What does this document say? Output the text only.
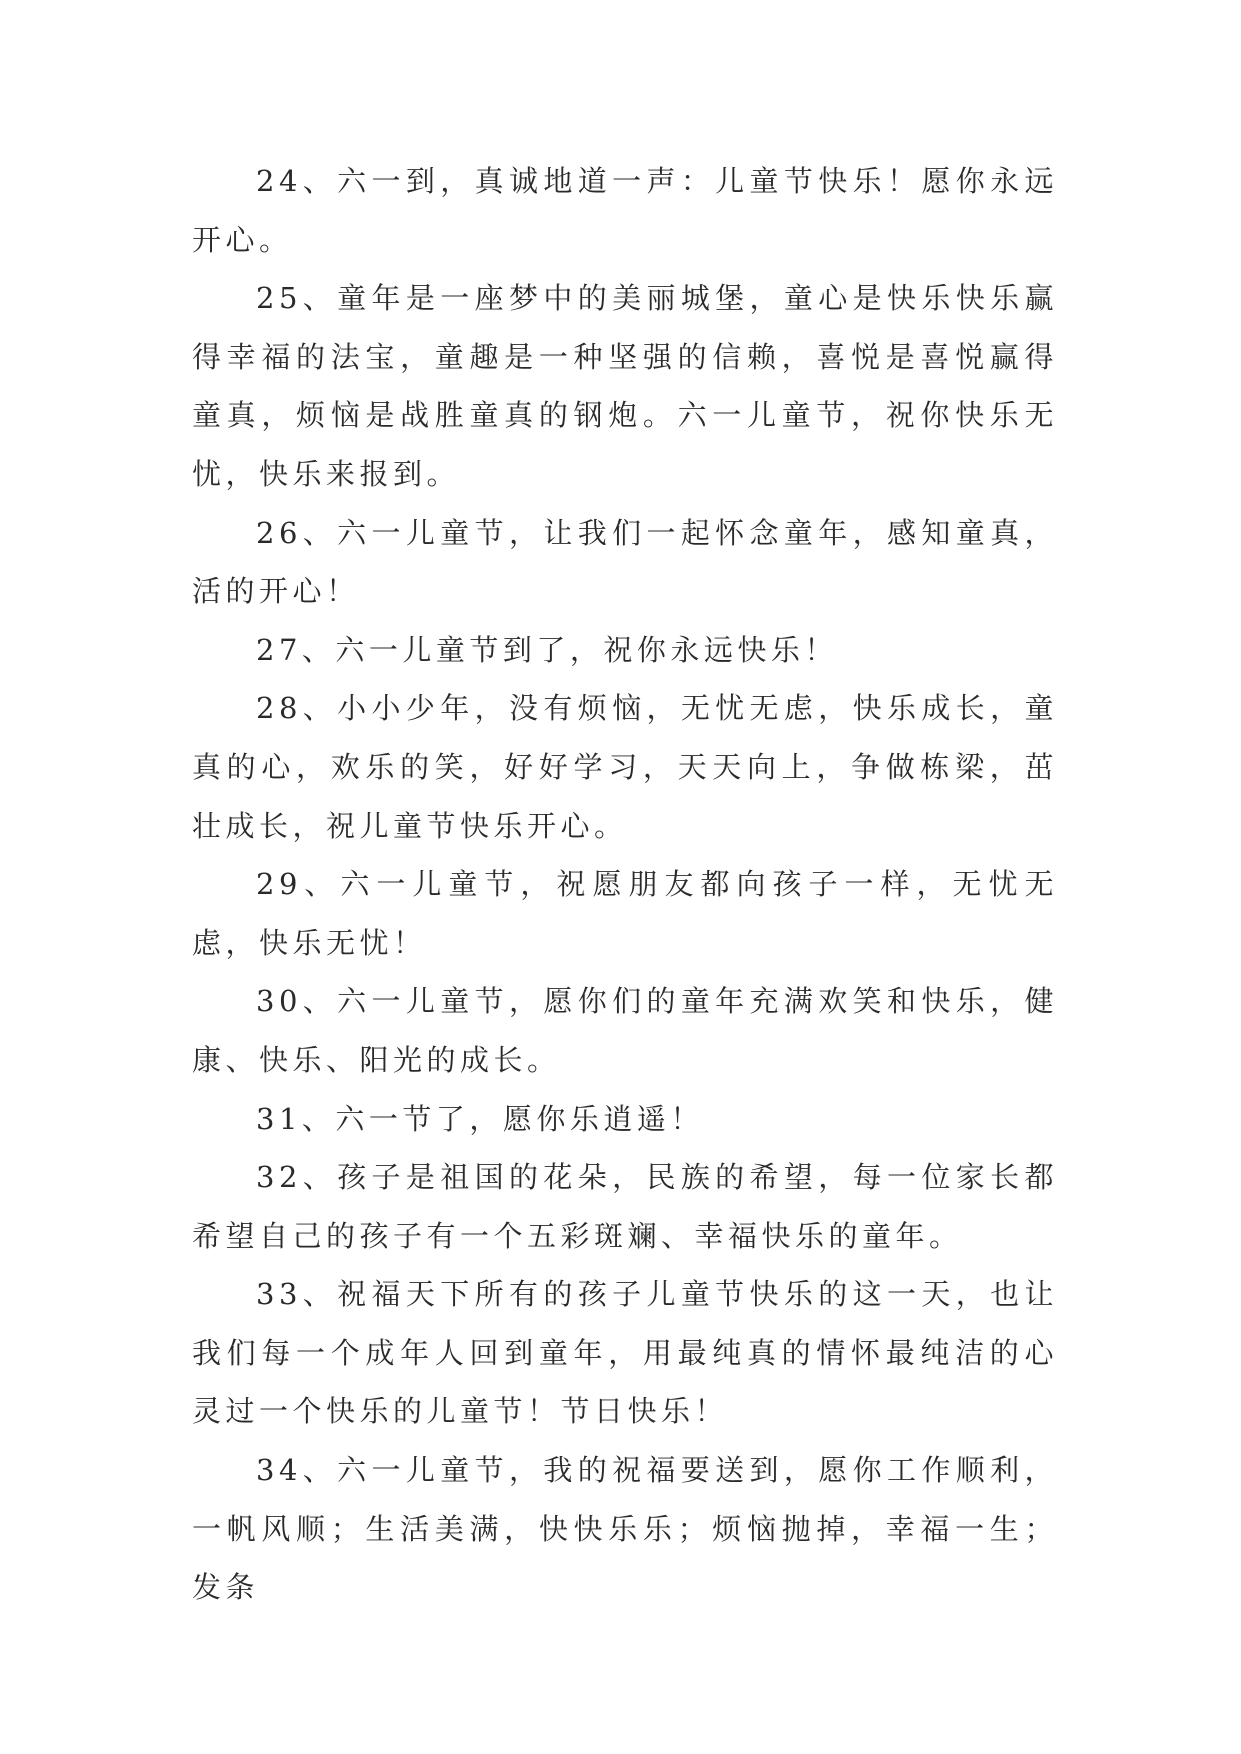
24、六一到，真诚地道一声：儿童节快乐！愿你永远开心。

25、童年是一座梦中的美丽城堡，童心是快乐快乐赢得幸福的法宝，童趣是一种坚强的信赖，喜悦是喜悦赢得童真，烦恼是战胜童真的钢炮。六一儿童节，祝你快乐无忧，快乐来报到。

26、六一儿童节，让我们一起怀念童年，感知童真，活的开心！

27、六一儿童节到了，祝你永远快乐！

28、小小少年，没有烦恼，无忧无虑，快乐成长，童真的心，欢乐的笑，好好学习，天天向上，争做栋梁，茁壮成长，祝儿童节快乐开心。

29、六一儿童节，祝愿朋友都向孩子一样，无忧无虑，快乐无忧！

30、六一儿童节，愿你们的童年充满欢笑和快乐，健康、快乐、阳光的成长。

31、六一节了，愿你乐逍遥！

32、孩子是祖国的花朵，民族的希望，每一位家长都希望自己的孩子有一个五彩斑斓、幸福快乐的童年。

33、祝福天下所有的孩子儿童节快乐的这一天，也让我们每一个成年人回到童年，用最纯真的情怀最纯洁的心灵过一个快乐的儿童节！节日快乐！

34、六一儿童节，我的祝福要送到，愿你工作顺利，一帆风顺；生活美满，快快乐乐；烦恼抛掉，幸福一生；发条
